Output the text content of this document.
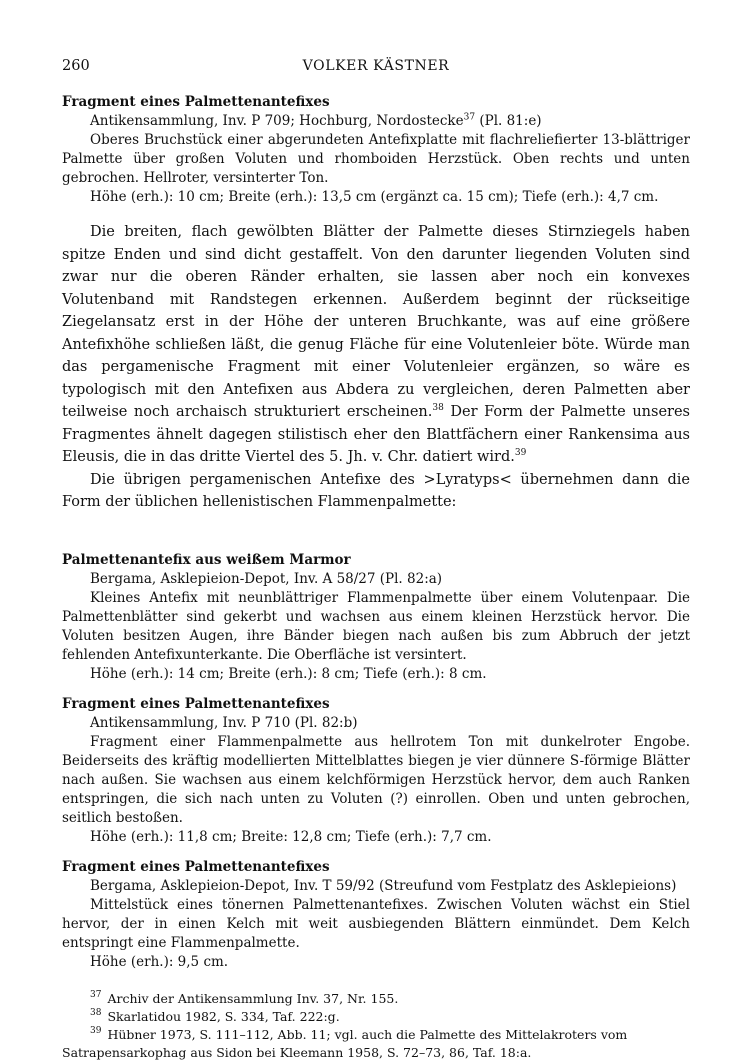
260	VOLKER KÄSTNER

Fragment eines Palmettenantefixes

Antikensammlung, Inv. P 709; Hochburg, Nordostecke$^{37}$ (Pl. 81:e)

Oberes Bruchstück einer abgerundeten Antefixplatte mit flachreliefierter 13-blättriger Palmette über großen Voluten und rhomboiden Herzstück. Oben rechts und unten gebrochen. Hellroter, versinterter Ton.

Höhe (erh.): 10 cm; Breite (erh.): 13,5 cm (ergänzt ca. 15 cm); Tiefe (erh.): 4,7 cm.

Die breiten, flach gewölbten Blätter der Palmette dieses Stirnziegels haben spitze Enden und sind dicht gestaffelt. Von den darunter liegenden Voluten sind zwar nur die oberen Ränder erhalten, sie lassen aber noch ein konvexes Volutenband mit Randstegen erkennen. Außerdem beginnt der rückseitige Ziegelansatz erst in der Höhe der unteren Bruchkante, was auf eine größere Antefixhöhe schließen läßt, die genug Fläche für eine Volutenleier böte. Würde man das pergamenische Fragment mit einer Volutenleier ergänzen, so wäre es typologisch mit den Antefixen aus Abdera zu vergleichen, deren Palmetten aber teilweise noch archaisch strukturiert erscheinen.$^{38}$ Der Form der Palmette unseres Fragmentes ähnelt dagegen stilistisch eher den Blattfächern einer Rankensima aus Eleusis, die in das dritte Viertel des 5. Jh. v. Chr. datiert wird.$^{39}$

Die übrigen pergamenischen Antefixe des >Lyratyps< übernehmen dann die Form der üblichen hellenistischen Flammenpalmette:

Palmettenantefix aus weißem Marmor

Bergama, Asklepieion-Depot, Inv. A 58/27 (Pl. 82:a)

Kleines Antefix mit neunblättriger Flammenpalmette über einem Volutenpaar. Die Palmettenblätter sind gekerbt und wachsen aus einem kleinen Herzstück hervor. Die Voluten besitzen Augen, ihre Bänder biegen nach außen bis zum Abbruch der jetzt fehlenden Antefixunterkante. Die Oberfläche ist versintert.

Höhe (erh.): 14 cm; Breite (erh.): 8 cm; Tiefe (erh.): 8 cm.

Fragment eines Palmettenantefixes

Antikensammlung, Inv. P 710 (Pl. 82:b)

Fragment einer Flammenpalmette aus hellrotem Ton mit dunkelroter Engobe. Beiderseits des kräftig modellierten Mittelblattes biegen je vier dünnere S-förmige Blätter nach außen. Sie wachsen aus einem kelchförmigen Herzstück hervor, dem auch Ranken entspringen, die sich nach unten zu Voluten (?) einrollen. Oben und unten gebrochen, seitlich bestoßen.

Höhe (erh.): 11,8 cm; Breite: 12,8 cm; Tiefe (erh.): 7,7 cm.

Fragment eines Palmettenantefixes

Bergama, Asklepieion-Depot, Inv. T 59/92 (Streufund vom Festplatz des Asklepieions)

Mittelstück eines tönernen Palmettenantefixes. Zwischen Voluten wächst ein Stiel hervor, der in einen Kelch mit weit ausbiegenden Blättern einmündet. Dem Kelch entspringt eine Flammenpalmette.

Höhe (erh.): 9,5 cm.

$^{37}$ Archiv der Antikensammlung Inv. 37, Nr. 155.

$^{38}$ Skarlatidou 1982, S. 334, Taf. 222:g.

$^{39}$ Hübner 1973, S. 111–112, Abb. 11; vgl. auch die Palmette des Mittelakroters vom Satrapensarkophag aus Sidon bei Kleemann 1958, S. 72–73, 86, Taf. 18:a.
